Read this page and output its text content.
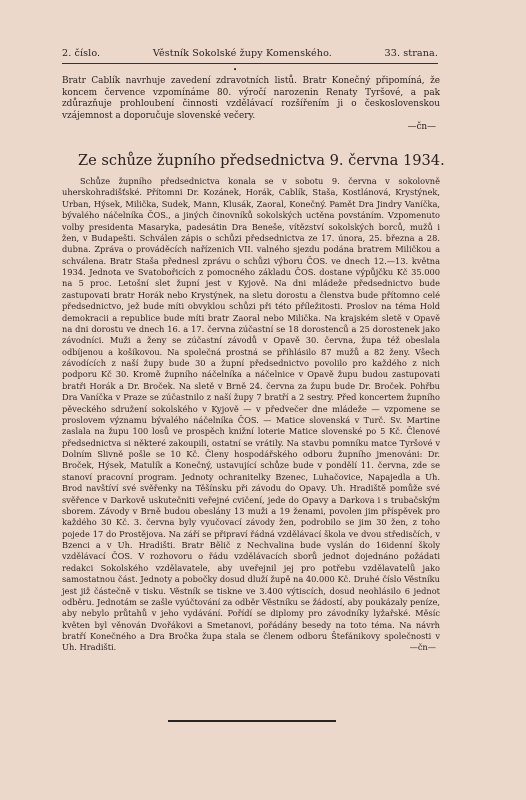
2. číslo.	Věstník Sokolské župy Komenského.	33. strana.
•
Bratr Cablík navrhuje zavedení zdravotních listů. Bratr Konečný připomíná, že koncem července vzpomínáme 80. výročí narozenin Renaty Tyršové, a pak zdůrazňuje prohloubení činnosti vzdělávací rozšířením ji o československou vzájemnost a doporučuje slovenské večery.
—čn—
Ze schůze župního předsednictva 9. června 1934.
Schůze župního předsednictva konala se v sobotu 9. června v sokolovně uherskohradišťské. Přítomni Dr. Kozánek, Horák, Cablík, Staša, Kostlánová, Krystýnek, Urban, Hýsek, Milička, Sudek, Mann, Klusák, Zaoral, Konečný. Pamět Dra Jindry Vaníčka, bývalého náčelníka ČOS., a jiných činovníků sokolských uctěna povstáním. Vzpomenuto volby presidenta Masaryka, padesátin Dra Beneše, vítězství sokolských borců, mužů i žen, v Budapešti. Schválen zápis o schůzi předsednictva ze 17. února, 25. března a 28. dubna. Zpráva o prováděcích nařízenich VII. valného sjezdu podána bratrem Miličkou a schválena. Bratr Staša přednesl zprávu o schůzi výboru ČOS. ve dnech 12.—13. května 1934. Jednota ve Svatobořicích z pomocného základu ČOS. dostane výpůjčku Kč 35.000 na 5 proc. Letošní slet župní jest v Kyjově. Na dni mládeže předsednictvo bude zastupovati bratr Horák nebo Krystýnek, na sletu dorostu a členstva bude přítomno celé předsednictvo, jež bude míti obvyklou schůzi při této příležitosti. Proslov na téma Hold demokracii a republice bude míti bratr Zaoral nebo Milička. Na krajském sletě v Opavě na dni dorostu ve dnech 16. a 17. června zúčastní se 18 dorostenců a 25 dorostenek jako závodníci. Muži a ženy se zúčastní závodů v Opavě 30. června, župa též obeslala odbíjenou a košíkovou. Na společná prostná se přihlásilo 87 mužů a 82 ženy. Všech závodících z naší župy bude 30 a župní předsednictvo povolilo pro každého z nich podporu Kč 30. Kromě župního náčelníka a náčelnice v Opavě župu budou zastupovati bratři Horák a Dr. Broček. Na sletě v Brně 24. června za župu bude Dr. Broček. Pohřbu Dra Vaníčka v Praze se zúčastnilo z naší župy 7 bratří a 2 sestry. Před koncertem župního pěveckého sdružení sokolského v Kyjově — v předvečer dne mládeže — vzpomene se proslovem významu bývalého náčelníka ČOS. — Matice slovenská v Turč. Sv. Martine zaslala na župu 100 losů ve prospěch knižní loterie Matice slovenské po 5 Kč. Členové předsednictva si některé zakoupili, ostatní se vrátily. Na stavbu pomníku matce Tyršové v Dolním Slivně pošle se 10 Kč. Členy hospodářského odboru župního jmenováni: Dr. Broček, Hýsek, Matulík a Konečný, ustavující schůze bude v pondělí 11. června, zde se stanoví pracovní program. Jednoty ochranitelky Bzenec, Luhačovice, Napajedla a Uh. Brod navštíví své svěřenky na Těšínsku při závodu do Opavy. Uh. Hradiště pomůže své svěřence v Darkově uskutečniti veřejné cvičení, jede do Opavy a Darkova i s trubačským sborem. Závody v Brně budou obeslány 13 muži a 19 ženami, povolen jim příspěvek pro každého 30 Kč. 3. června byly vyučovací závody žen, podrobilo se jim 30 žen, z toho pojede 17 do Prostějova. Na září se připraví řádná vzdělávací škola ve dvou středisčích, v Bzenci a v Uh. Hradišti. Bratr Bělič z Nechvalina bude vyslán do 16idenní školy vzdělávací ČOS. V rozhovoru o řádu vzdělávacích sborů jednot dojednáno požádati redakci Sokolského vzdělavatele, aby uveřejnil jej pro potřebu vzdělavatelů jako samostatnou část. Jednoty a pobočky dosud dluží župě na 40.000 Kč. Druhé číslo Věstníku jest již částečně v tisku. Věstník se tiskne ve 3.400 výtiscích, dosud neohlásilo 6 jednot odběru. Jednotám se zašle vyúčtování za odběr Věstníku se žádostí, aby poukázaly peníze, aby nebylo průtahů v jeho vydávání. Pořídí se diplomy pro závodníky lyžařské. Měsíc květen byl věnován Dvořákovi a Smetanovi, pořádány besedy na toto téma. Na návrh bratří Konečného a Dra Bročka župa stala se členem odboru Štefánikovy společnosti v Uh. Hradišti.	—čn—
